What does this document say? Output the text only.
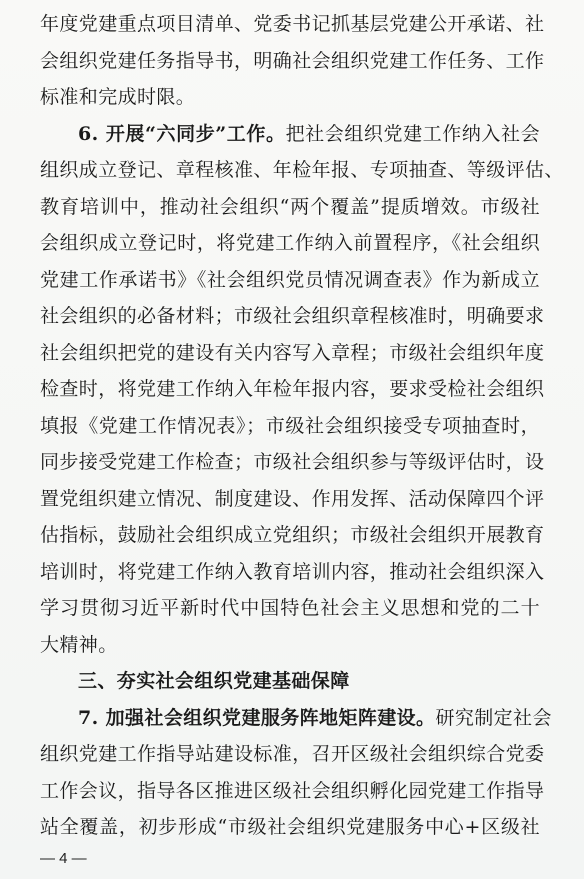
年度党建重点项目清单、党委书记抓基层党建公开承诺、社
会组织党建任务指导书，明确社会组织党建工作任务、工作
标准和完成时限。
6. 开展“六同步”工作。把社会组织党建工作纳入社会
组织成立登记、章程核准、年检年报、专项抽查、等级评估、
教育培训中，推动社会组织“两个覆盖”提质增效。市级社
会组织成立登记时，将党建工作纳入前置程序，《社会组织
党建工作承诺书》《社会组织党员情况调查表》作为新成立
社会组织的必备材料；市级社会组织章程核准时，明确要求
社会组织把党的建设有关内容写入章程；市级社会组织年度
检查时，将党建工作纳入年检年报内容，要求受检社会组织
填报《党建工作情况表》；市级社会组织接受专项抽查时，
同步接受党建工作检查；市级社会组织参与等级评估时，设
置党组织建立情况、制度建设、作用发挥、活动保障四个评
估指标，鼓励社会组织成立党组织；市级社会组织开展教育
培训时，将党建工作纳入教育培训内容，推动社会组织深入
学习贯彻习近平新时代中国特色社会主义思想和党的二十
大精神。
三、夯实社会组织党建基础保障
7. 加强社会组织党建服务阵地矩阵建设。研究制定社会
组织党建工作指导站建设标准，召开区级社会组织综合党委
工作会议，指导各区推进区级社会组织孵化园党建工作指导
站全覆盖，初步形成“市级社会组织党建服务中心+区级社
— 4 —
